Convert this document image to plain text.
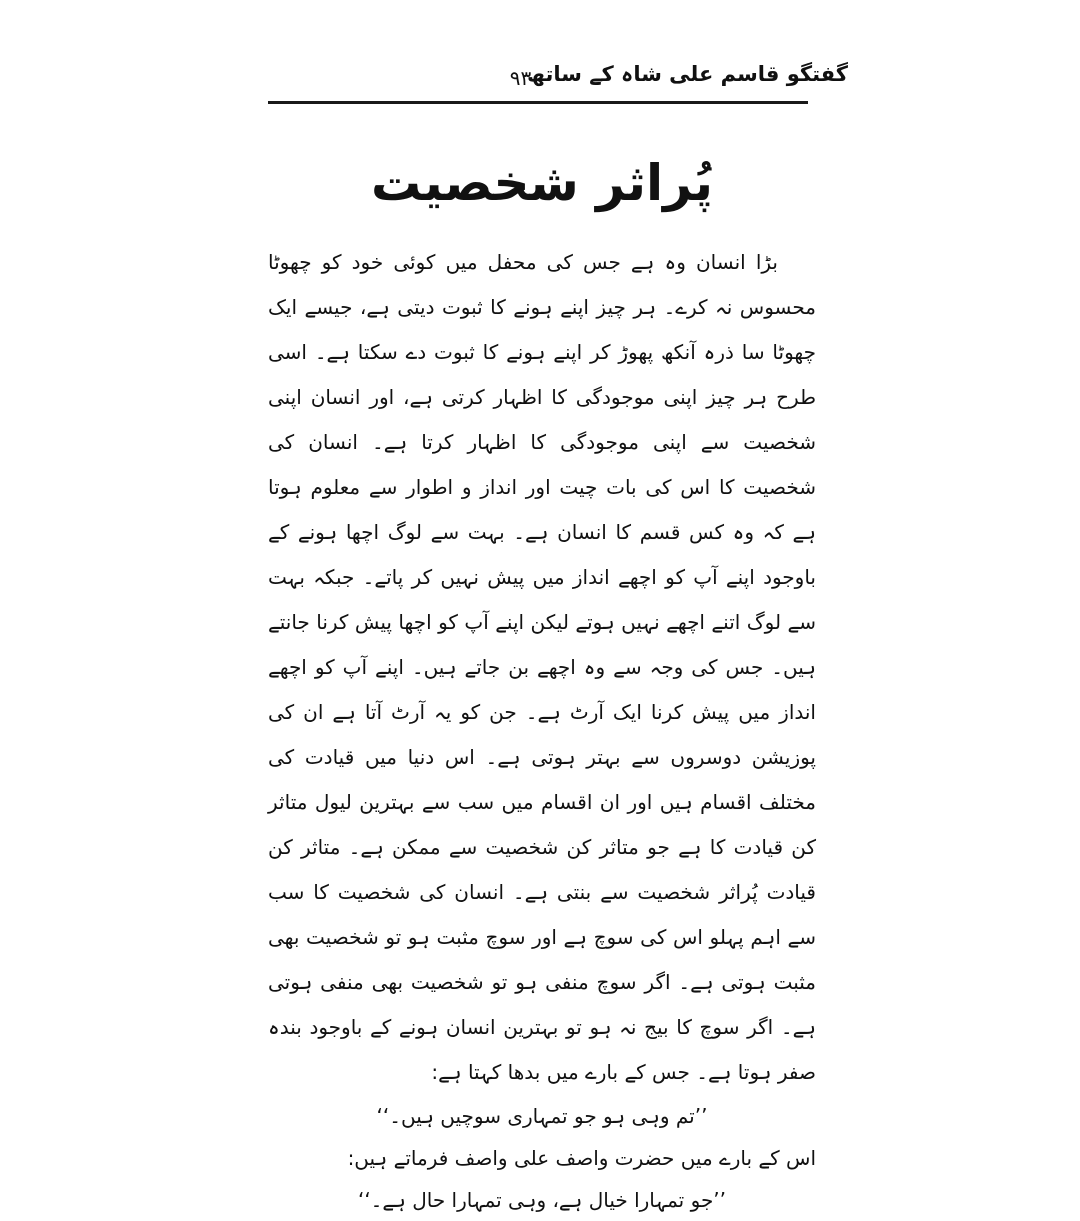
گفتگو قاسم علی شاہ کے ساتھ
۹۳
پُراثر شخصیت
بڑا انسان وہ ہے جس کی محفل میں کوئی خود کو چھوٹا محسوس نہ کرے۔ ہر چیز اپنے ہونے کا ثبوت دیتی ہے، جیسے ایک چھوٹا سا ذرہ آنکھ پھوڑ کر اپنے ہونے کا ثبوت دے سکتا ہے۔ اسی طرح ہر چیز اپنی موجودگی کا اظہار کرتی ہے، اور انسان اپنی شخصیت سے اپنی موجودگی کا اظہار کرتا ہے۔ انسان کی شخصیت کا اس کی بات چیت اور انداز و اطوار سے معلوم ہوتا ہے کہ وہ کس قسم کا انسان ہے۔ بہت سے لوگ اچھا ہونے کے باوجود اپنے آپ کو اچھے انداز میں پیش نہیں کر پاتے۔ جبکہ بہت سے لوگ اتنے اچھے نہیں ہوتے لیکن اپنے آپ کو اچھا پیش کرنا جانتے ہیں۔ جس کی وجہ سے وہ اچھے بن جاتے ہیں۔ اپنے آپ کو اچھے انداز میں پیش کرنا ایک آرٹ ہے۔ جن کو یہ آرٹ آتا ہے ان کی پوزیشن دوسروں سے بہتر ہوتی ہے۔ اس دنیا میں قیادت کی مختلف اقسام ہیں اور ان اقسام میں سب سے بہترین لیول متاثر کن قیادت کا ہے جو متاثر کن شخصیت سے ممکن ہے۔ متاثر کن قیادت پُراثر شخصیت سے بنتی ہے۔ انسان کی شخصیت کا سب سے اہم پہلو اس کی سوچ ہے اور سوچ مثبت ہو تو شخصیت بھی مثبت ہوتی ہے۔ اگر سوچ منفی ہو تو شخصیت بھی منفی ہوتی ہے۔ اگر سوچ کا بیج نہ ہو تو بہترین انسان ہونے کے باوجود بندہ صفر ہوتا ہے۔ جس کے بارے میں بدھا کہتا ہے:
’’تم وہی ہو جو تمہاری سوچیں ہیں۔‘‘
اس کے بارے میں حضرت واصف علی واصف فرماتے ہیں:
’’جو تمہارا خیال ہے، وہی تمہارا حال ہے۔‘‘
